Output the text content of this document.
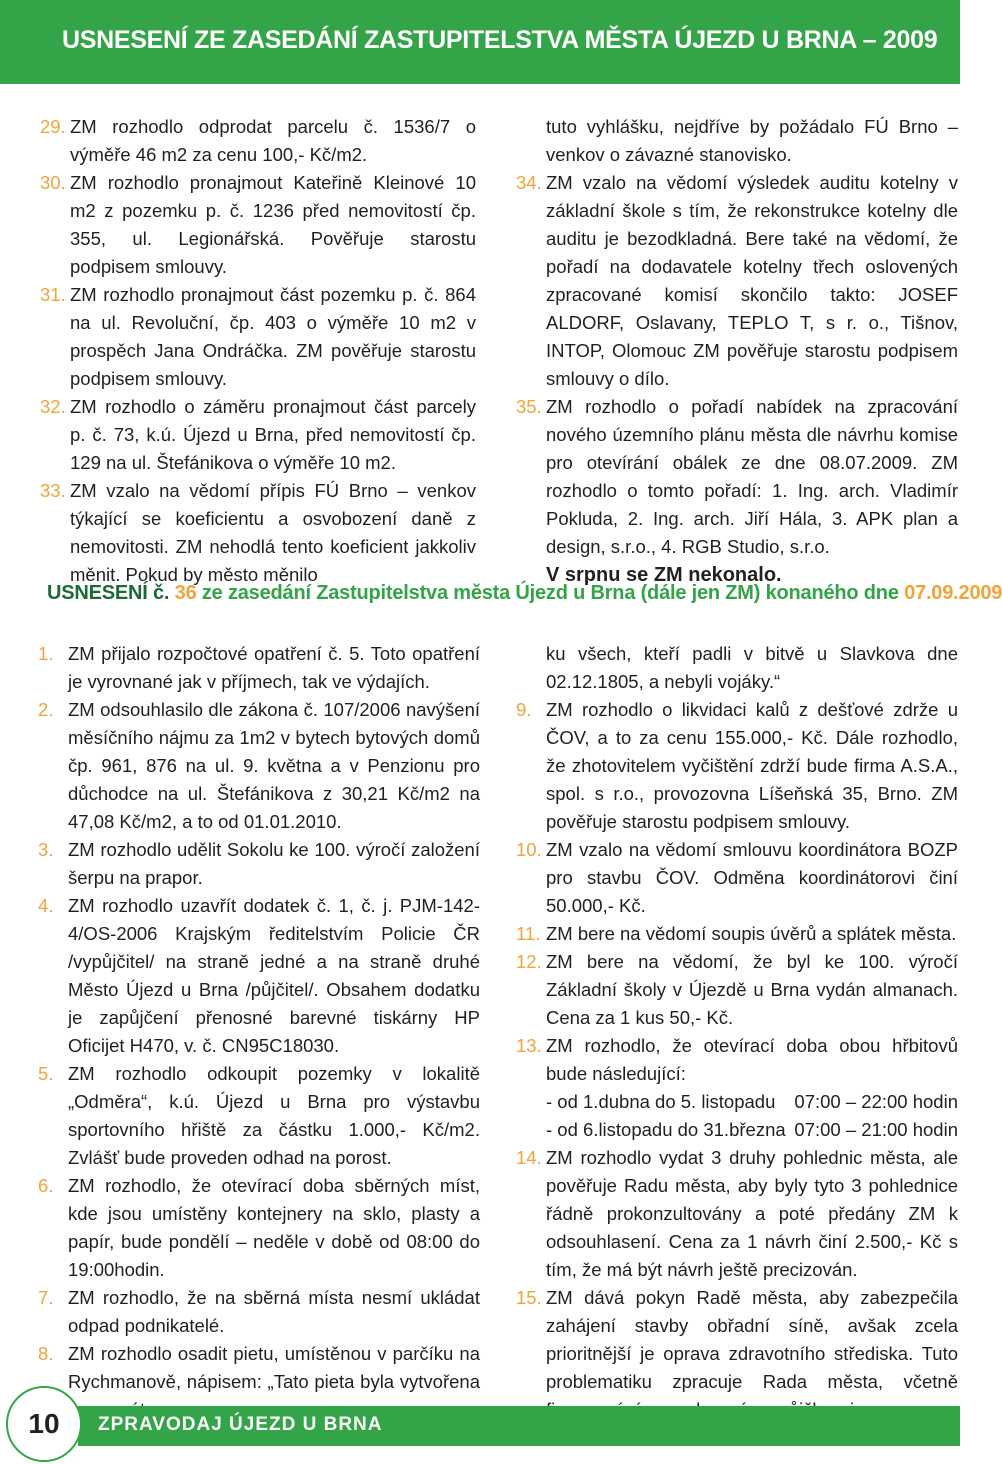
USNESENÍ ZE ZASEDÁNÍ ZASTUPITELSTVA MĚSTA ÚJEZD U BRNA – 2009
29. ZM rozhodlo odprodat parcelu č. 1536/7 o výměře 46 m2 za cenu 100,- Kč/m2.
30. ZM rozhodlo pronajmout Kateřině Kleinové 10 m2 z pozemku p. č. 1236 před nemovitostí čp. 355, ul. Legionářská. Pověřuje starostu podpisem smlouvy.
31. ZM rozhodlo pronajmout část pozemku p. č. 864 na ul. Revoluční, čp. 403 o výměře 10 m2 v prospěch Jana Ondráčka. ZM pověřuje starostu podpisem smlouvy.
32. ZM rozhodlo o záměru pronajmout část parcely p. č. 73, k.ú. Újezd u Brna, před nemovitostí čp. 129 na ul. Štefánikova o výměře 10 m2.
33. ZM vzalo na vědomí přípis FÚ Brno – venkov týkající se koeficientu a osvobození daně z nemovitosti. ZM nehodlá tento koeficient jakkoliv měnit. Pokud by město měnilo
tuto vyhlášku, nejdříve by požádalo FÚ Brno – venkov o závazné stanovisko.
34. ZM vzalo na vědomí výsledek auditu kotelny v základní škole s tím, že rekonstrukce kotelny dle auditu je bezodkladná. Bere také na vědomí, že pořadí na dodavatele kotelny třech oslovených zpracované komisí skončilo takto: JOSEF ALDORF, Oslavany, TEPLO T, s r. o., Tišnov, INTOP, Olomouc ZM pověřuje starostu podpisem smlouvy o dílo.
35. ZM rozhodlo o pořadí nabídek na zpracování nového územního plánu města dle návrhu komise pro otevírání obálek ze dne 08.07.2009. ZM rozhodlo o tomto pořadí: 1. Ing. arch. Vladimír Pokluda, 2. Ing. arch. Jiří Hála, 3. APK plan a design, s.r.o., 4. RGB Studio, s.r.o.
V srpnu se ZM nekonalo.
USNESENÍ č. 36 ze zasedání Zastupitelstva města Újezd u Brna (dále jen ZM) konaného dne 07.09.2009
1. ZM přijalo rozpočtové opatření č. 5. Toto opatření je vyrovnané jak v příjmech, tak ve výdajích.
2. ZM odsouhlasilo dle zákona č. 107/2006 navýšení měsíčního nájmu za 1m2 v bytech bytových domů čp. 961, 876 na ul. 9. května a v Penzionu pro důchodce na ul. Štefánikova z 30,21 Kč/m2 na 47,08 Kč/m2, a to od 01.01.2010.
3. ZM rozhodlo udělit Sokolu ke 100. výročí založení šerpu na prapor.
4. ZM rozhodlo uzavřít dodatek č. 1, č. j. PJM-142-4/OS-2006 Krajským ředitelstvím Policie ČR /vypůjčitel/ na straně jedné a na straně druhé Město Újezd u Brna /půjčitel/. Obsahem dodatku je zapůjčení přenosné barevné tiskárny HP Oficijet H470, v. č. CN95C18030.
5. ZM rozhodlo odkoupit pozemky v lokalitě „Odměra“, k.ú. Újezd u Brna pro výstavbu sportovního hřiště za částku 1.000,- Kč/m2. Zvlášť bude proveden odhad na porost.
6. ZM rozhodlo, že otevírací doba sběrných míst, kde jsou umístěny kontejnery na sklo, plasty a papír, bude pondělí – neděle v době od 08:00 do 19:00hodin.
7. ZM rozhodlo, že na sběrná místa nesmí ukládat odpad podnikatelé.
8. ZM rozhodlo osadit pietu, umístěnou v parčíku na Rychmanově, nápisem: „Tato pieta byla vytvořena
ku všech, kteří padli v bitvě u Slavkova dne 02.12.1805, a nebyli vojáky.“
9. ZM rozhodlo o likvidaci kalů z dešťové zdrže u ČOV, a to za cenu 155.000,- Kč. Dále rozhodlo, že zhotovitelem vyčištění zdrží bude firma A.S.A., spol. s r.o., provozovna Líšeňská 35, Brno. ZM pověřuje starostu podpisem smlouvy.
10. ZM vzalo na vědomí smlouvu koordinátora BOZP pro stavbu ČOV. Odměna koordinátorovi činí 50.000,- Kč.
11. ZM bere na vědomí soupis úvěrů a splátek města.
12. ZM bere na vědomí, že byl ke 100. výročí Základní školy v Újezdě u Brna vydán almanach. Cena za 1 kus 50,- Kč.
13. ZM rozhodlo, že otevírací doba obou hřbitovů bude následující:
- od 1.dubna do 5. listopadu 07:00 – 22:00 hodin
- od 6.listopadu do 31.března 07:00 – 21:00 hodin
14. ZM rozhodlo vydat 3 druhy pohlednic města, ale pověřuje Radu města, aby byly tyto 3 pohlednice řádně prokonzultovány a poté předány ZM k odsouhlasení. Cena za 1 návrh činí 2.500,- Kč s tím, že má být návrh ještě precizován.
15. ZM dává pokyn Radě města, aby zabezpečila zahájení stavby obřadní síně, avšak zcela prioritnější je oprava zdravotního střediska. Tuto problematiku zpracuje Rada města, včetně
ZPRAVODAJ ÚJEZD U BRNA
10
